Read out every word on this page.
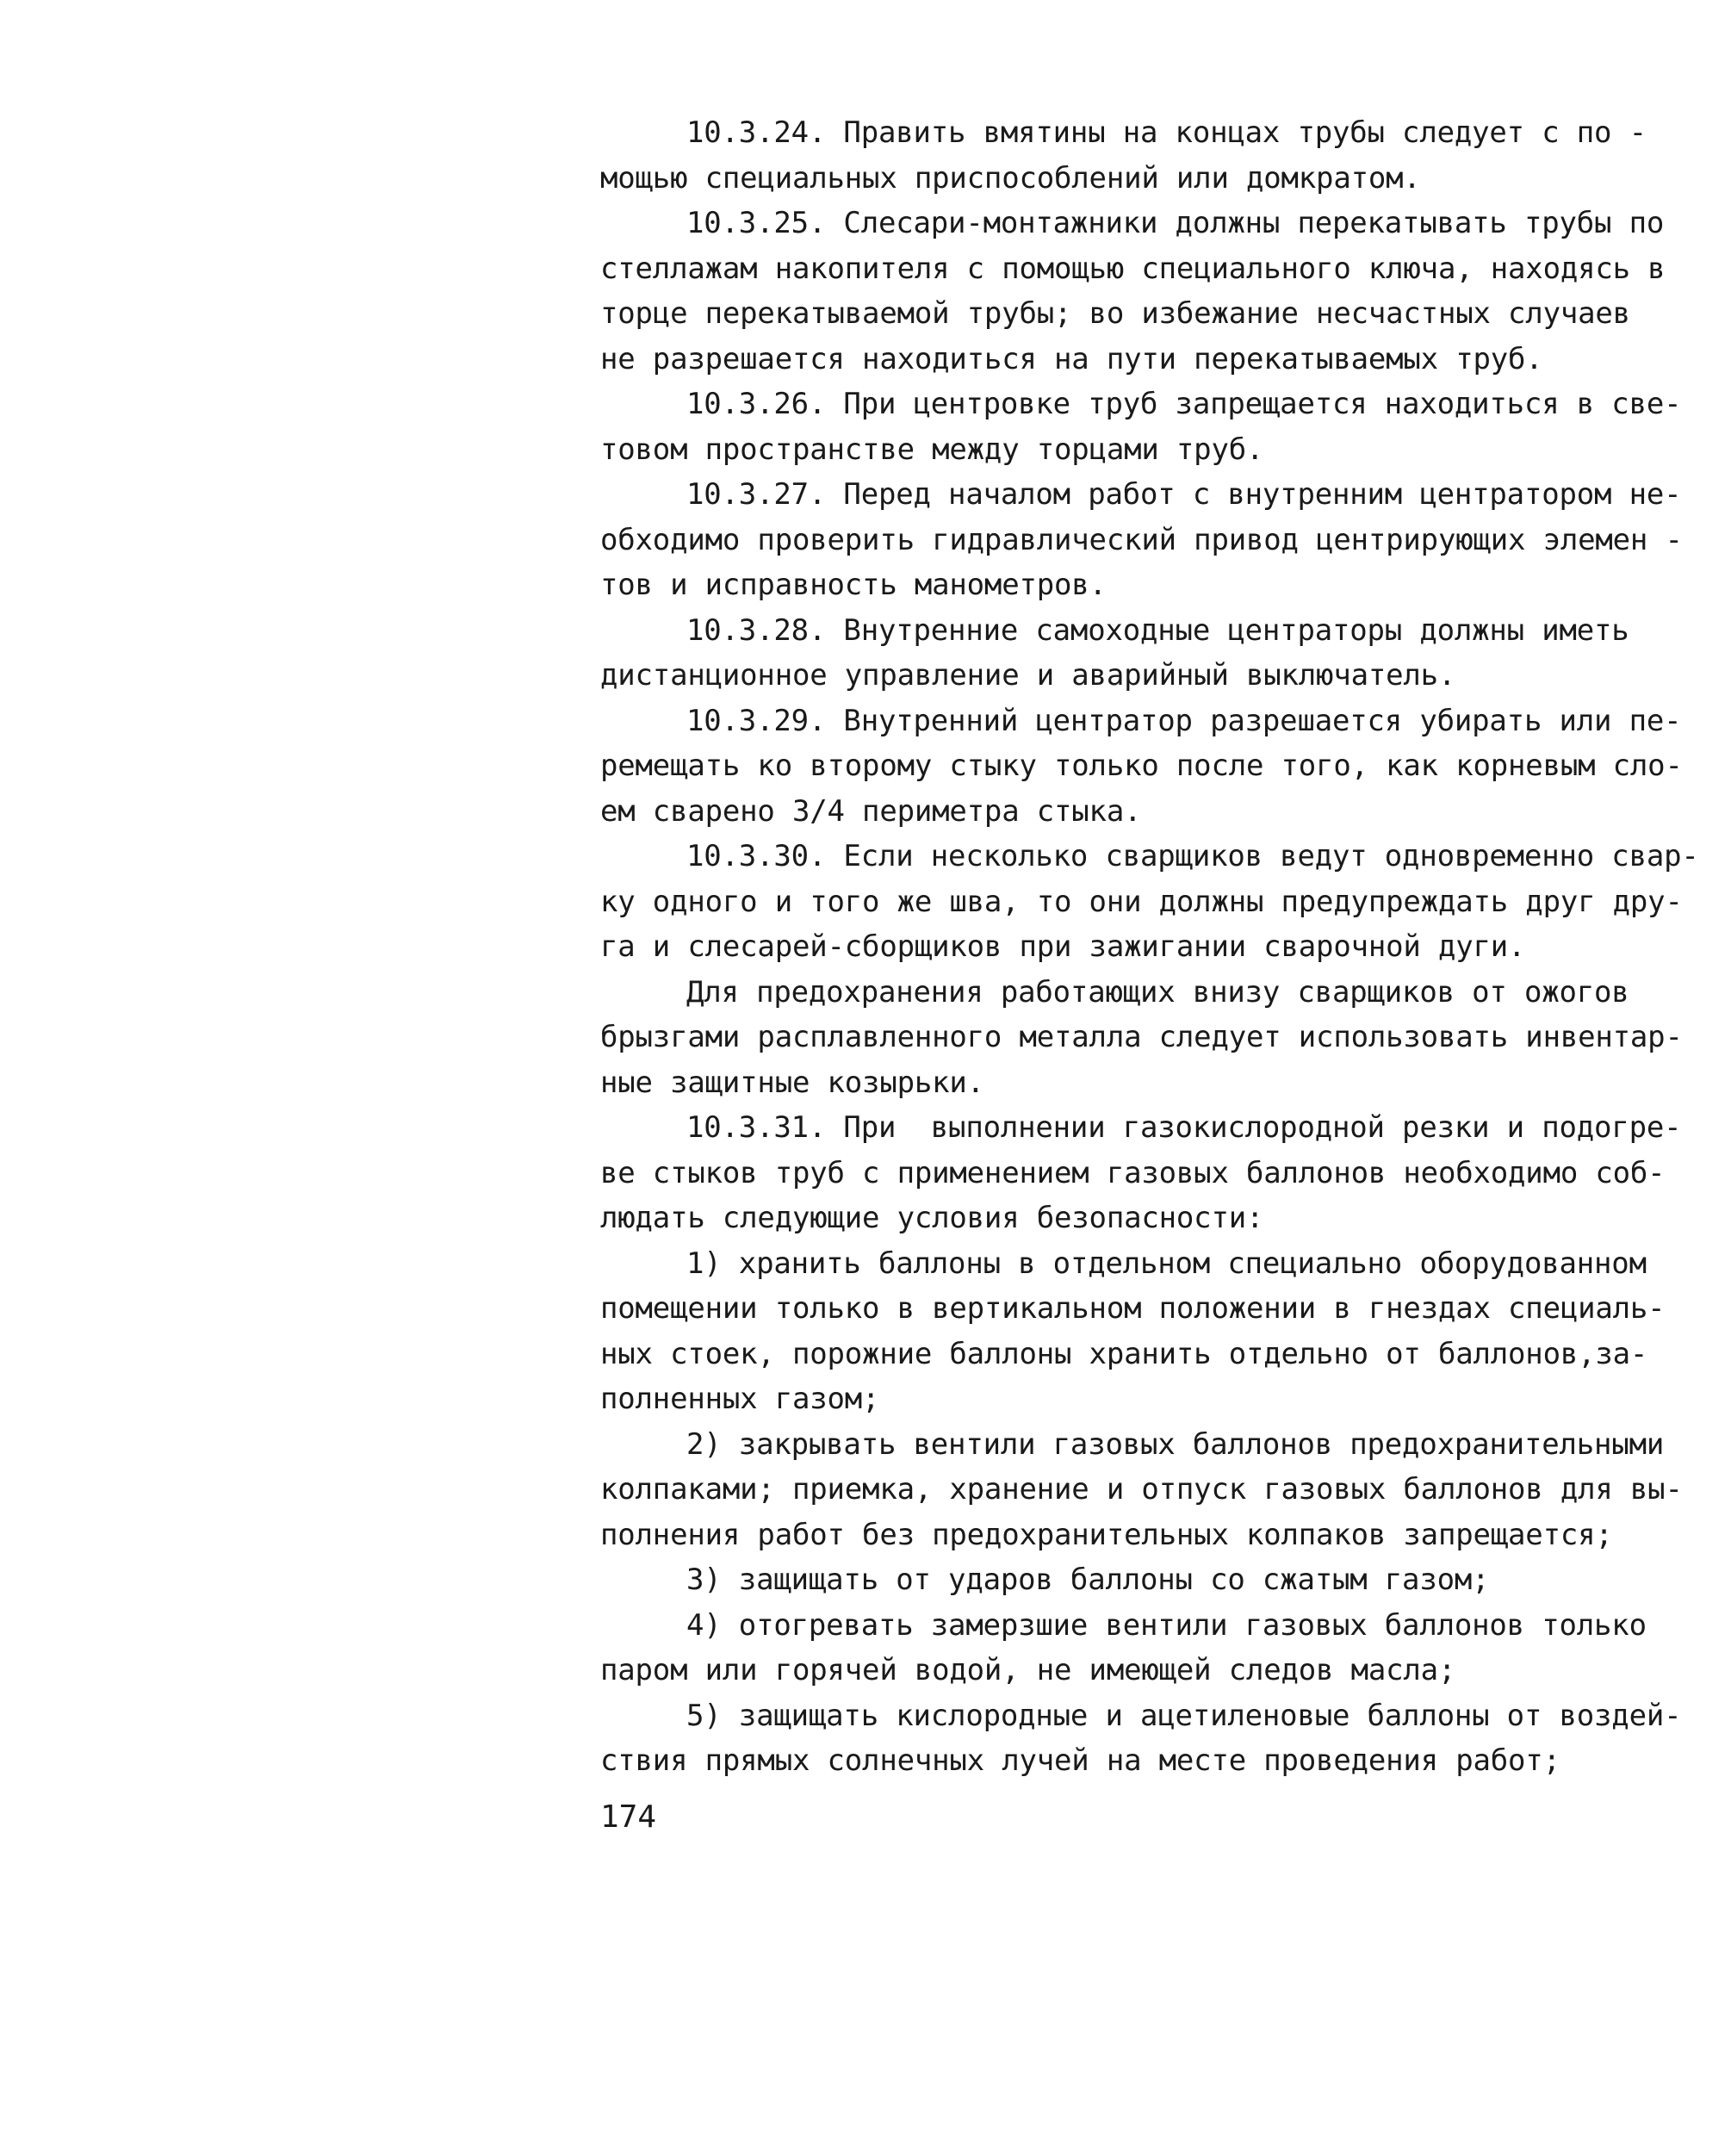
10.3.24. Править вмятины на концах трубы следует с по -
мощью специальных приспособлений или домкратом.
10.3.25. Слесари-монтажники должны перекатывать трубы по
стеллажам накопителя с помощью специального ключа, находясь в
торце перекатываемой трубы; во избежание несчастных случаев
не разрешается находиться на пути перекатываемых труб.
10.3.26. При центровке труб запрещается находиться в све-
товом пространстве между торцами труб.
10.3.27. Перед началом работ с внутренним центратором не-
обходимо проверить гидравлический привод центрирующих элемен -
тов и исправность манометров.
10.3.28. Внутренние самоходные центраторы должны иметь
дистанционное управление и аварийный выключатель.
10.3.29. Внутренний центратор разрешается убирать или пе-
ремещать ко второму стыку только после того, как корневым сло-
ем сварено 3/4 периметра стыка.
10.3.30. Если несколько сварщиков ведут одновременно свар-
ку одного и того же шва, то они должны предупреждать друг дру-
га и слесарей-сборщиков при зажигании сварочной дуги.
Для предохранения работающих внизу сварщиков от ожогов
брызгами расплавленного металла следует использовать инвентар-
ные защитные козырьки.
10.3.31. При  выполнении газокислородной резки и подогре-
ве стыков труб с применением газовых баллонов необходимо соб-
людать следующие условия безопасности:
1) хранить баллоны в отдельном специально оборудованном
помещении только в вертикальном положении в гнездах специаль-
ных стоек, порожние баллоны хранить отдельно от баллонов,за-
полненных газом;
2) закрывать вентили газовых баллонов предохранительными
колпаками; приемка, хранение и отпуск газовых баллонов для вы-
полнения работ без предохранительных колпаков запрещается;
3) защищать от ударов баллоны со сжатым газом;
4) отогревать замерзшие вентили газовых баллонов только
паром или горячей водой, не имеющей следов масла;
5) защищать кислородные и ацетиленовые баллоны от воздей-
ствия прямых солнечных лучей на месте проведения работ;
174
